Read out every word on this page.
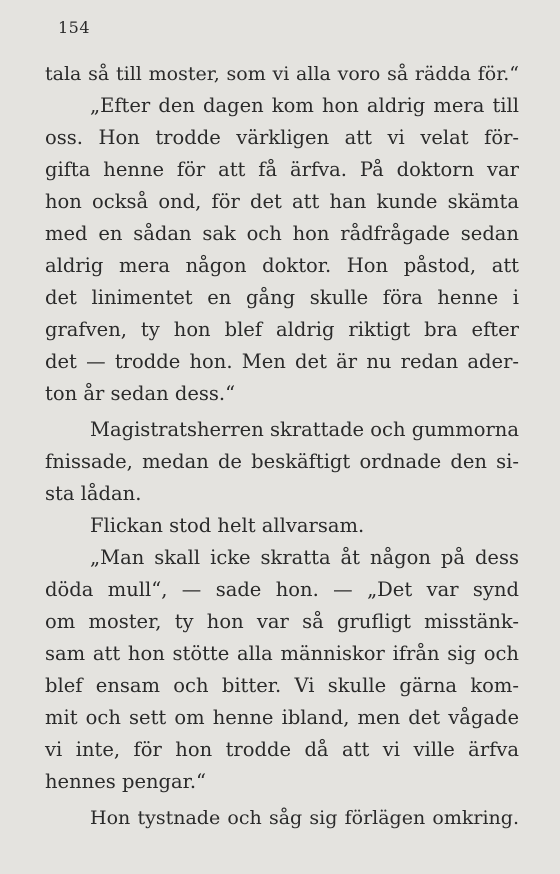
154
tala så till moster, som vi alla voro så rädda för.“
„Efter den dagen kom hon aldrig mera till
oss. Hon trodde värkligen att vi velat för-
gifta henne för att få ärfva. På doktorn var
hon också ond, för det att han kunde skämta
med en sådan sak och hon rådfrågade sedan
aldrig mera någon doktor. Hon påstod, att
det linimentet en gång skulle föra henne i
grafven, ty hon blef aldrig riktigt bra efter
det — trodde hon. Men det är nu redan ader-
ton år sedan dess.“
Magistratsherren skrattade och gummorna
fnissade, medan de beskäftigt ordnade den si-
sta lådan.
Flickan stod helt allvarsam.
„Man skall icke skratta åt någon på dess
döda mull“, — sade hon. — „Det var synd
om moster, ty hon var så grufligt misstänk-
sam att hon stötte alla människor ifrån sig och
blef ensam och bitter. Vi skulle gärna kom-
mit och sett om henne ibland, men det vågade
vi inte, för hon trodde då att vi ville ärfva
hennes pengar.“
Hon tystnade och såg sig förlägen omkring.
